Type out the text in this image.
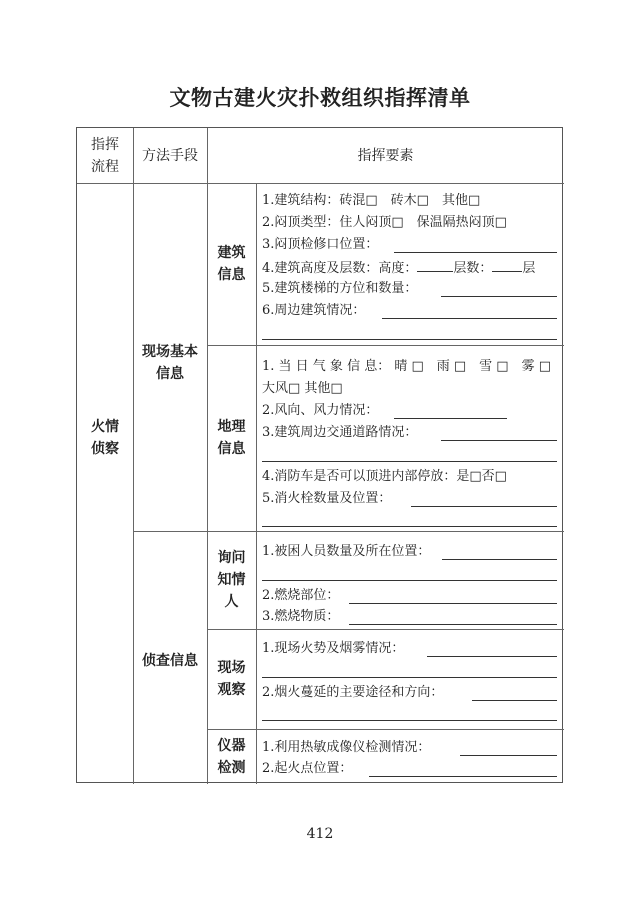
文物古建火灾扑救组织指挥清单
指挥
流程
方法手段	指挥要素
火情
侦察
现场基本
信息
侦查信息
建筑
信息
地理
信息
询问
知情
人
现场
观察
仪器
检测
1.建筑结构：砖混□　砖木□　其他□
2.闷顶类型：住人闷顶□　保温隔热闷顶□
3.闷顶检修口位置：
4.建筑高度及层数：高度：	层数： 层
5.建筑楼梯的方位和数量：
6.周边建筑情况：
1. 当 日 气 象 信 息： 晴 □　雨 □　雪 □　雾 □
大风□ 其他□
2.风向、风力情况：
3.建筑周边交通道路情况：
4.消防车是否可以顶进内部停放：是□否□
5.消火栓数量及位置：
1.被困人员数量及所在位置：
2.燃烧部位：
3.燃烧物质：
1.现场火势及烟雾情况：
2.烟火蔓延的主要途径和方向：
1.利用热敏成像仪检测情况：
2.起火点位置：
412
